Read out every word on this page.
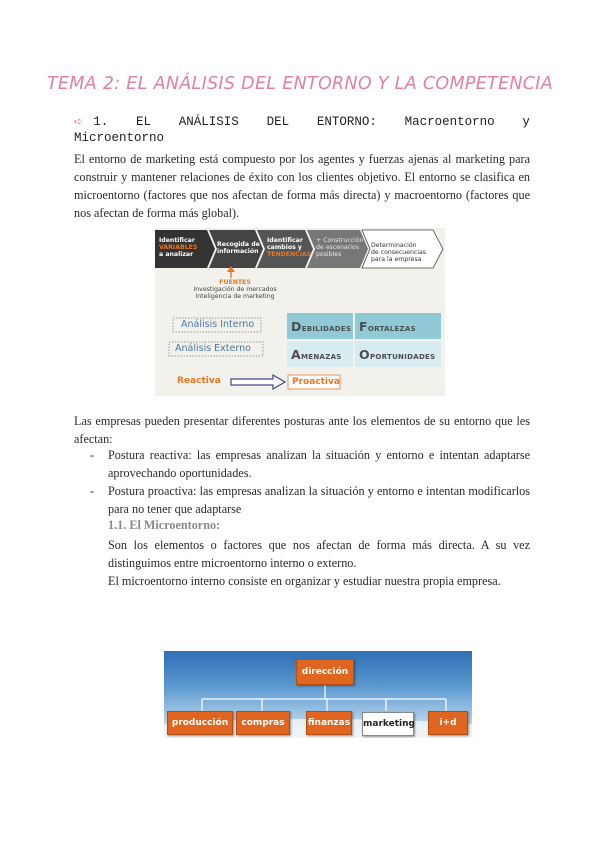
TEMA 2: EL ANÁLISIS DEL ENTORNO Y LA COMPETENCIA
➪ 1. EL ANÁLISIS DEL ENTORNO: Macroentorno y
Microentorno
El entorno de marketing está compuesto por los agentes y fuerzas ajenas al marketing para construir y mantener relaciones de éxito con los clientes objetivo. El entorno se clasifica en microentorno (factores que nos afectan de forma más directa) y macroentorno (factores que nos afectan de forma más global).
Identificar
VARIABLES
a analizar
Recogida de
información
Identificar
cambios y
TENDENCIAS
+ Construcción
de escenarios
posibles
Determinación
de consecuencias
para la empresa
FUENTES
Investigación de mercados
Inteligencia de marketing
Análisis Interno
Análisis Externo
DEBILIDADES FORTALEZAS
AMENAZAS OPORTUNIDADES
Reactiva	Proactiva
Las empresas pueden presentar diferentes posturas ante los elementos de su entorno que les afectan:
-	Postura reactiva: las empresas analizan la situación y entorno e intentan adaptarse aprovechando oportunidades.
-	Postura proactiva: las empresas analizan la situación y entorno e intentan modificarlos para no tener que adaptarse
1.1. El Microentorno:
Son los elementos o factores que nos afectan de forma más directa. A su vez distinguimos entre microentorno interno o externo.
El microentorno interno consiste en organizar y estudiar nuestra propia empresa.
dirección
producción	compras	finanzas marketing	i+d
